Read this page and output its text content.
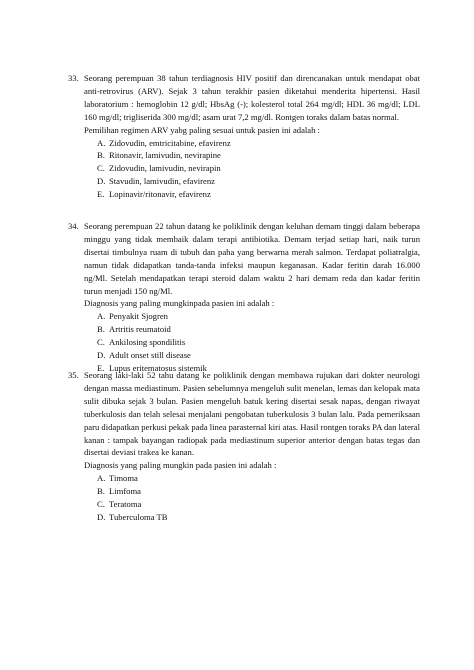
33. Seorang perempuan 38 tahun terdiagnosis HIV positif dan direncanakan untuk mendapat obat anti-retrovirus (ARV). Sejak 3 tahun terakhir pasien diketahui menderita hipertensi. Hasil laboratorium : hemoglobin 12 g/dl; HbsAg (-); kolesterol total 264 mg/dl; HDL 36 mg/dl; LDL 160 mg/dl; trigliserida 300 mg/dl; asam urat 7,2 mg/dl. Rontgen toraks dalam batas normal.

Pemilihan regimen ARV yabg paling sesuai untuk pasien ini adalah :

A. Zidovudin, emtricitabine, efavirenz
B. Ritonavir, lamivudin, nevirapine
C. Zidovudin, lamivudin, nevirapin
D. Stavudin, lamivudin, efavirenz
E. Lopinavir/ritonavir, efavirenz
34. Seorang perempuan 22 tahun datang ke poliklinik dengan keluhan demam tinggi dalam beberapa minggu yang tidak membaik dalam terapi antibiotika. Demam terjad setiap hari, naik turun disertai timbulnya ruam di tubuh dan paha yang berwarna merah salmon. Terdapat poliatralgia, namun tidak didapatkan tanda-tanda infeksi maupun keganasan. Kadar feritin darah 16.000 ng/Ml. Setelah mendapatkan terapi steroid dalam waktu 2 hari demam reda dan kadar feritin turun menjadi 150 ng/Ml.

Diagnosis yang paling mungkinpada pasien ini adalah :

A. Penyakit Sjogren
B. Artritis reumatoid
C. Ankilosing spondilitis
D. Adult onset still disease
E. Lupus eritematosus sistemik
35. Seorang laki-laki 52 tahu datang ke poliklinik dengan membawa rujukan dari dokter neurologi dengan massa mediastinum. Pasien sebelumnya mengeluh sulit menelan, lemas dan kelopak mata sulit dibuka sejak 3 bulan. Pasien mengeluh batuk kering disertai sesak napas, dengan riwayat tuberkulosis dan telah selesai menjalani pengobatan tuberkulosis 3 bulan lalu. Pada pemeriksaan paru didapatkan perkusi pekak pada linea parasternal kiri atas. Hasil rontgen toraks PA dan lateral kanan : tampak bayangan radiopak pada mediastinum superior anterior dengan batas tegas dan disertai deviasi trakea ke kanan.

Diagnosis yang paling mungkin pada pasien ini adalah :

A. Timoma
B. Limfoma
C. Teratoma
D. Tuberculoma TB
